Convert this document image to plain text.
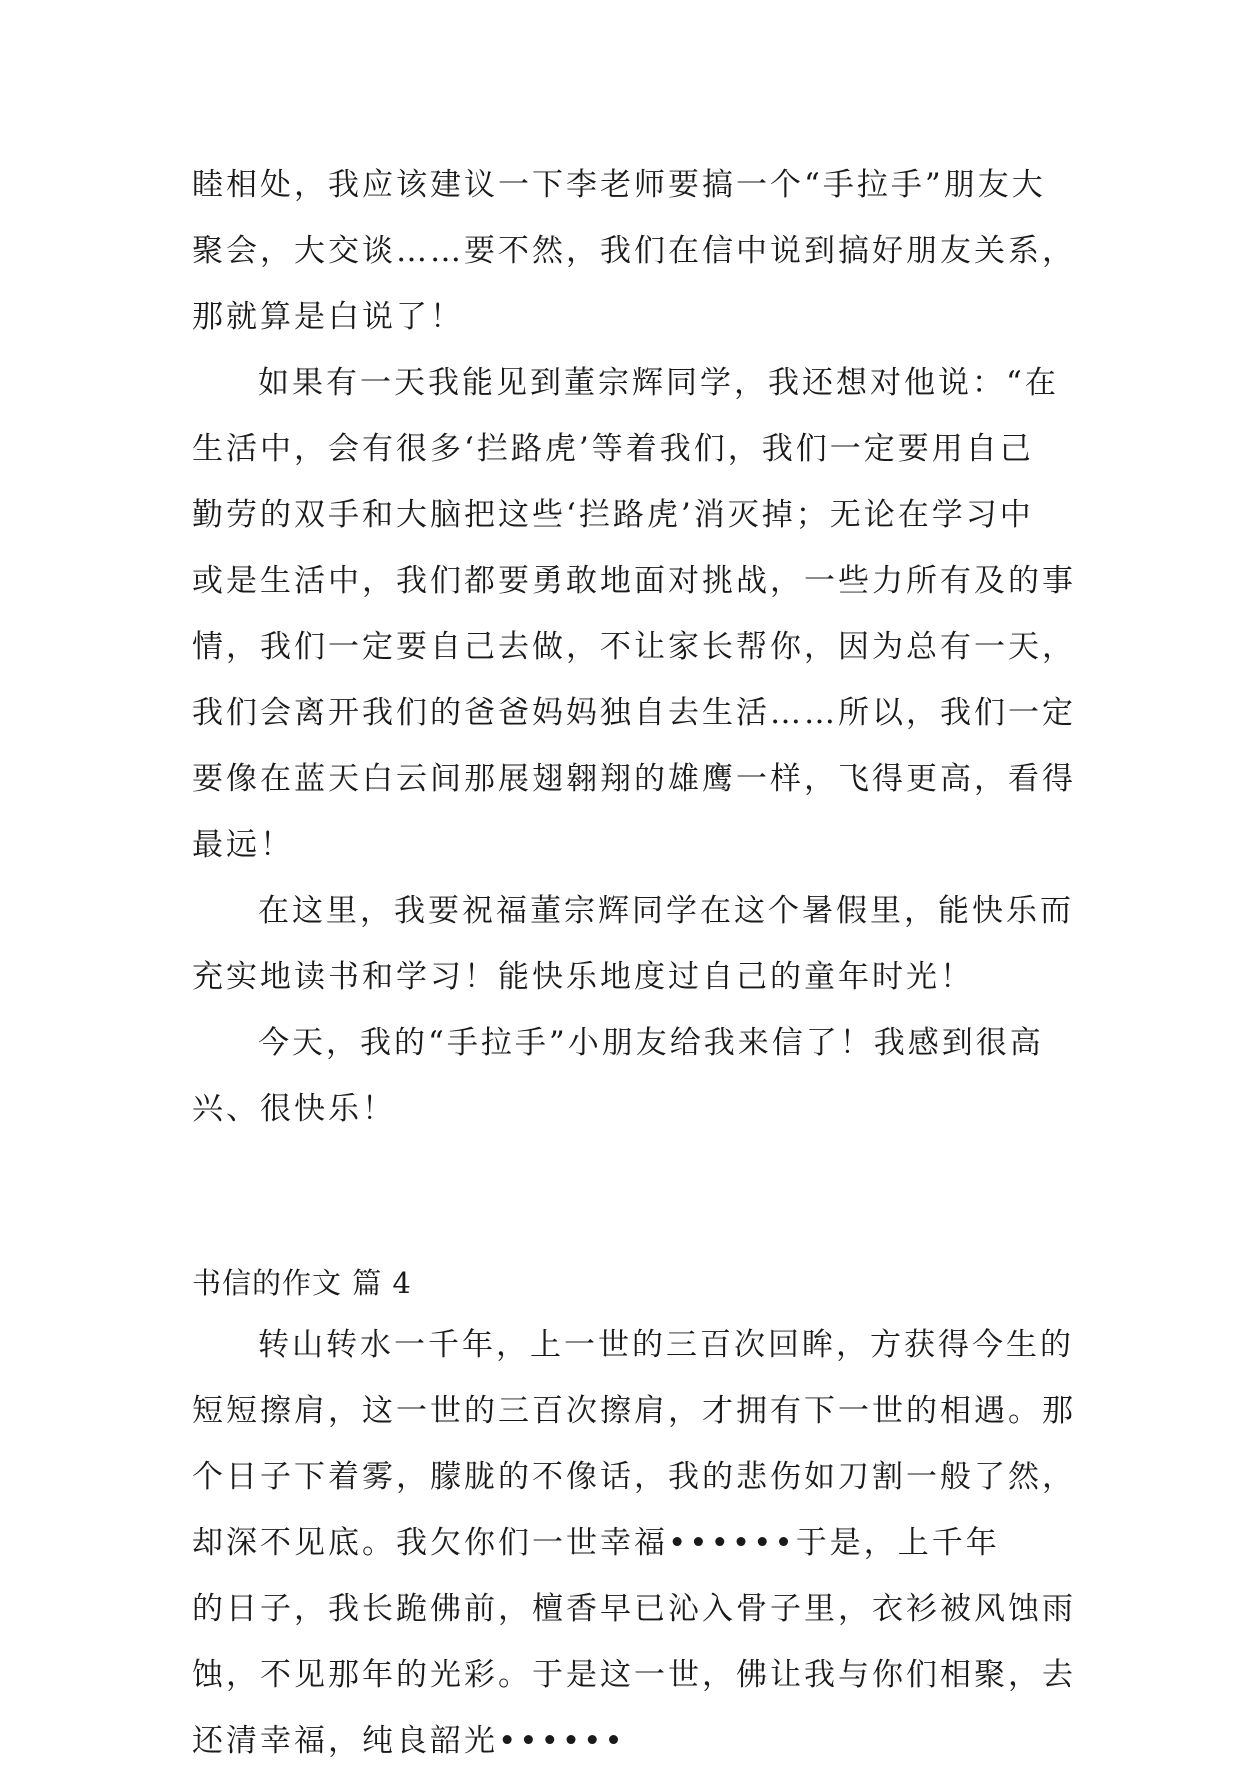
睦相处，我应该建议一下李老师要搞一个“手拉手”朋友大
聚会，大交谈……要不然，我们在信中说到搞好朋友关系，
那就算是白说了！
如果有一天我能见到董宗辉同学，我还想对他说：“在
生活中，会有很多‘拦路虎’等着我们，我们一定要用自己
勤劳的双手和大脑把这些‘拦路虎’消灭掉；无论在学习中
或是生活中，我们都要勇敢地面对挑战，一些力所有及的事
情，我们一定要自己去做，不让家长帮你，因为总有一天，
我们会离开我们的爸爸妈妈独自去生活……所以，我们一定
要像在蓝天白云间那展翅翱翔的雄鹰一样，飞得更高，看得
最远！
在这里，我要祝福董宗辉同学在这个暑假里，能快乐而
充实地读书和学习！能快乐地度过自己的童年时光！
今天，我的“手拉手”小朋友给我来信了！我感到很高
兴、很快乐！
书信的作文 篇 4
转山转水一千年，上一世的三百次回眸，方获得今生的
短短擦肩，这一世的三百次擦肩，才拥有下一世的相遇。那
个日子下着雾，朦胧的不像话，我的悲伤如刀割一般了然，
却深不见底。我欠你们一世幸福••••••于是，上千年
的日子，我长跪佛前，檀香早已沁入骨子里，衣衫被风蚀雨
蚀，不见那年的光彩。于是这一世，佛让我与你们相聚，去
还清幸福，纯良韶光••••••
